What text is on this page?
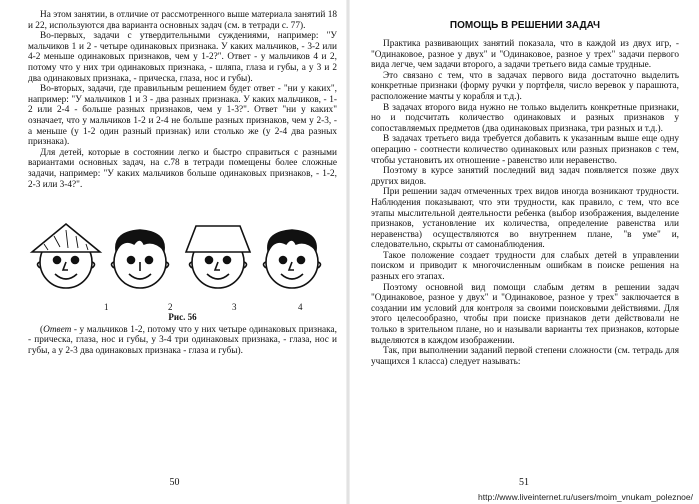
На этом занятии, в отличие от рассмотренного выше материала занятий 18 и 22, используются два варианта основных задач (см. в тетради с. 77).

Во-первых, задачи с утвердительными суждениями, например: "У мальчиков 1 и 2 - четыре одинаковых признака. У каких мальчиков, - 3-2 или 4-2 меньше одинаковых признаков, чем у 1-2?". Ответ - у мальчиков 4 и 2, потому что у них три одинаковых признака, - шляпа, глаза и губы, а у 3 и 2 два одинаковых признака, - прическа, глаза, нос и губы).

Во-вторых, задачи, где правильным решением будет ответ - "ни у каких", например: "У мальчиков 1 и 3 - два разных признака. У каких мальчиков, - 1-2 или 2-4 - больше разных признаков, чем у 1-3?". Ответ "ни у каких" означает, что у мальчиков 1-2 и 2-4 не больше разных признаков, чем у 2-3, - а меньше (у 1-2 один разный признак) или столько же (у 2-4 два разных признака).

Для детей, которые в состоянии легко и быстро справиться с разными вариантами основных задач, на с.78 в тетради помещены более сложные задачи, например: "У каких мальчиков больше одинаковых признаков, - 1-2, 2-3 или 3-4?".

1	2	3	4

Рис. 56

(Ответ - у мальчиков 1-2, потому что у них четыре одинаковых признака, - прическа, глаза, нос и губы, у 3-4 три одинаковых признака, - глаза, нос и губы, а у 2-3 два одинаковых признака - глаза и губы).

50
ПОМОЩЬ В РЕШЕНИИ ЗАДАЧ

Практика развивающих занятий показала, что в каждой из двух игр, - "Одинаковое, разное у двух" и "Одинаковое, разное у трех" задачи первого вида легче, чем задачи второго, а задачи третьего вида самые трудные.

Это связано с тем, что в задачах первого вида достаточно выделить конкретные признаки (форму ручки у портфеля, число веревок у парашюта, расположение мачты у корабля и т.д.).

В задачах второго вида нужно не только выделить конкретные признаки, но и подсчитать количество одинаковых и разных признаков у сопоставляемых предметов (два одинаковых признака, три разных и т.д.).

В задачах третьего вида требуется добавить к указанным выше еще одну операцию - соотнести количество одинаковых или разных признаков с тем, чтобы установить их отношение - равенство или неравенство.

Поэтому в курсе занятий последний вид задач появляется позже двух других видов.

При решении задач отмеченных трех видов иногда возникают трудности. Наблюдения показывают, что эти трудности, как правило, с тем, что все этапы мыслительной деятельности ребенка (выбор изображения, выделение признаков, установление их количества, определение равенства или неравенства) осуществляются во внутреннем плане, "в уме" и, следовательно, скрыты от самонаблюдения.

Такое положение создает трудности для слабых детей в управлении поиском и приводит к многочисленным ошибкам в поиске решения на разных его этапах.

Поэтому основной вид помощи слабым детям в решении задач "Одинаковое, разное у двух" и "Одинаковое, разное у трех" заключается в создании им условий для контроля за своими поисковыми действиями. Для этого целесообразно, чтобы при поиске признаков дети действовали не только в зрительном плане, но и называли варианты тех признаков, которые выделяются в каждом изображении.

Так, при выполнении заданий первой степени сложности (см. тетрадь для учащихся 1 класса) следует называть:

51
http://www.liveinternet.ru/users/moim_vnukam_poleznoe/
